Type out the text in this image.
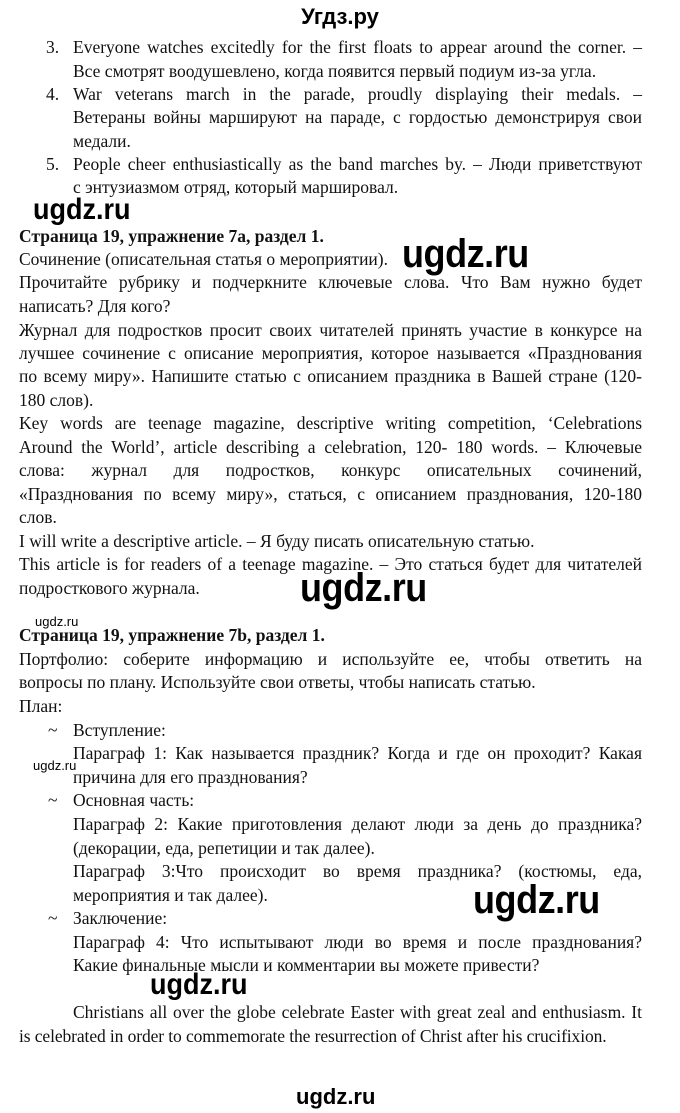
Угдз.ру
3. Everyone watches excitedly for the first floats to appear around the corner. –
Все смотрят воодушевлено, когда появится первый подиум из-за угла.
4. War veterans march in the parade, proudly displaying their medals. –
Ветераны войны маршируют на параде, с гордостью демонстрируя свои
медали.
5. People cheer enthusiastically as the band marches by. – Люди приветствуют
с энтузиазмом отряд, который маршировал.
Страница 19, упражнение 7a, раздел 1.
Сочинение (описательная статья о мероприятии).
Прочитайте рубрику и подчеркните ключевые слова. Что Вам нужно будет
написать? Для кого?
Журнал для подростков просит своих читателей принять участие в конкурсе на
лучшее сочинение с описание мероприятия, которое называется «Празднования
по всему миру». Напишите статью с описанием праздника в Вашей стране (120-
180 слов).
Key words are teenage magazine, descriptive writing competition, ‘Celebrations
Around the World’, article describing a celebration, 120- 180 words. – Ключевые
слова: журнал для подростков, конкурс описательных сочинений,
«Празднования по всему миру», статься, с описанием празднования, 120-180
слов.
I will write a descriptive article. – Я буду писать описательную статью.
This article is for readers of a teenage magazine. – Это статься будет для читателей
подросткового журнала.
Страница 19, упражнение 7b, раздел 1.
Портфолио: соберите информацию и используйте ее, чтобы ответить на
вопросы по плану. Используйте свои ответы, чтобы написать статью.
План:
~ Вступление:
Параграф 1: Как называется праздник? Когда и где он проходит? Какая
причина для его празднования?
~ Основная часть:
Параграф 2: Какие приготовления делают люди за день до праздника?
(декорации, еда, репетиции и так далее).
Параграф 3:Что происходит во время праздника? (костюмы, еда,
мероприятия и так далее).
~ Заключение:
Параграф 4: Что испытывают люди во время и после празднования?
Какие финальные мысли и комментарии вы можете привести?
Christians all over the globe celebrate Easter with great zeal and enthusiasm. It
is celebrated in order to commemorate the resurrection of Christ after his crucifixion.
ugdz.ru
ugdz.ru
ugdz.ru
ugdz.ru
ugdz.ru
ugdz.ru
ugdz.ru
ugdz.ru
